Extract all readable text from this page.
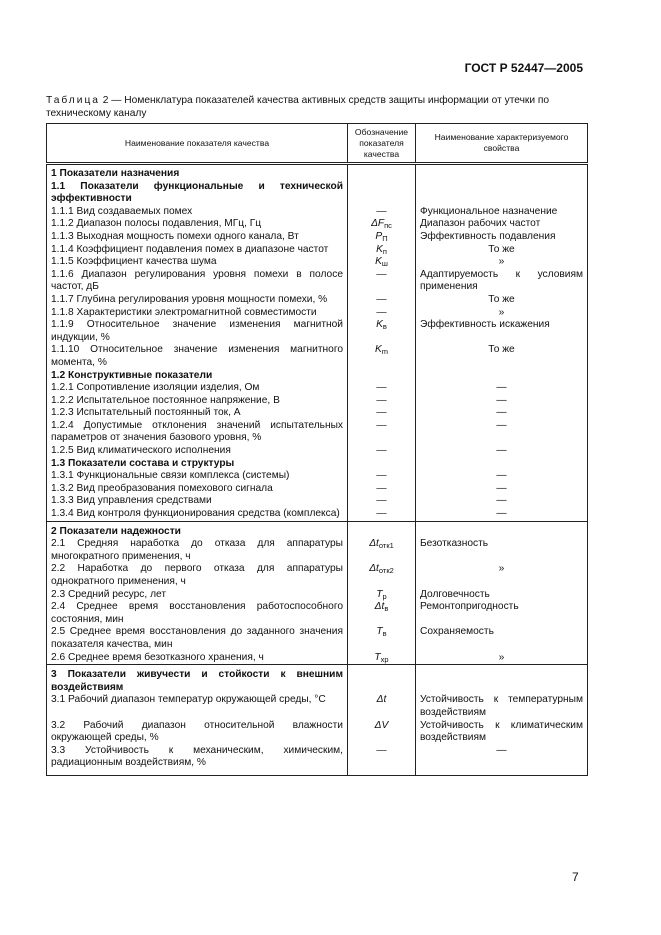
ГОСТ Р 52447—2005
Таблица 2 — Номенклатура показателей качества активных средств защиты информации от утечки по техническому каналу
Наименование показателя качества	Обозначение показателя качества	Наименование характеризуемого свойства

1 Показатели назначения		
1.1 Показатели функциональные и технической эффективности		
1.1.1 Вид создаваемых помех	—	Функциональное назначение
1.1.2 Диапазон полосы подавления, МГц, Гц	$\Delta F_{пс}$	Диапазон рабочих частот
1.1.3 Выходная мощность помехи одного канала, Вт	$P_П$	Эффективность подавления
1.1.4 Коэффициент подавления помех в диапазоне частот	$K_п$	То же
1.1.5 Коэффициент качества шума	$K_ш$	»
1.1.6 Диапазон регулирования уровня помехи в полосе частот, дБ	—	Адаптируемость к условиям применения
1.1.7 Глубина регулирования уровня мощности помехи, %	—	То же
1.1.8 Характеристики электромагнитной совместимости	—	»
1.1.9 Относительное значение изменения магнитной индукции, %	$K_в$	Эффективность искажения
1.1.10 Относительное значение изменения магнитного момента, %	$K_m$	То же
1.2 Конструктивные показатели		
1.2.1 Сопротивление изоляции изделия, Ом	—	—
1.2.2 Испытательное постоянное напряжение, В	—	—
1.2.3 Испытательный постоянный ток, А	—	—
1.2.4 Допустимые отклонения значений испытательных параметров от значения базового уровня, %	—	—
1.2.5 Вид климатического исполнения	—	—
1.3 Показатели состава и структуры		
1.3.1 Функциональные связи комплекса (системы)	—	—
1.3.2 Вид преобразования помехового сигнала	—	—
1.3.3 Вид управления средствами	—	—
1.3.4 Вид контроля функционирования средства (комплекса)	—	—

2 Показатели надежности		
2.1 Средняя наработка до отказа для аппаратуры многократного применения, ч	$\Delta t_{отк1}$	Безотказность
2.2 Наработка до первого отказа для аппаратуры однократного применения, ч	$\Delta t_{отк2}$	»
2.3 Средний ресурс, лет	$T_р$	Долговечность
2.4 Среднее время восстановления работоспособного состояния, мин	$\Delta t_в$	Ремонтопригодность
2.5 Среднее время восстановления до заданного значения показателя качества, мин	$T_в$	Сохраняемость
2.6 Среднее время безотказного хранения, ч	$T_{хр}$	»

3 Показатели живучести и стойкости к внешним воздействиям		
3.1 Рабочий диапазон температур окружающей среды, °С	Δt	Устойчивость к температурным воздействиям
3.2 Рабочий диапазон относительной влажности окружающей среды, %	ΔV	Устойчивость к климатическим воздействиям
3.3 Устойчивость к механическим, химическим, радиационным воздействиям, %	—	—

7
